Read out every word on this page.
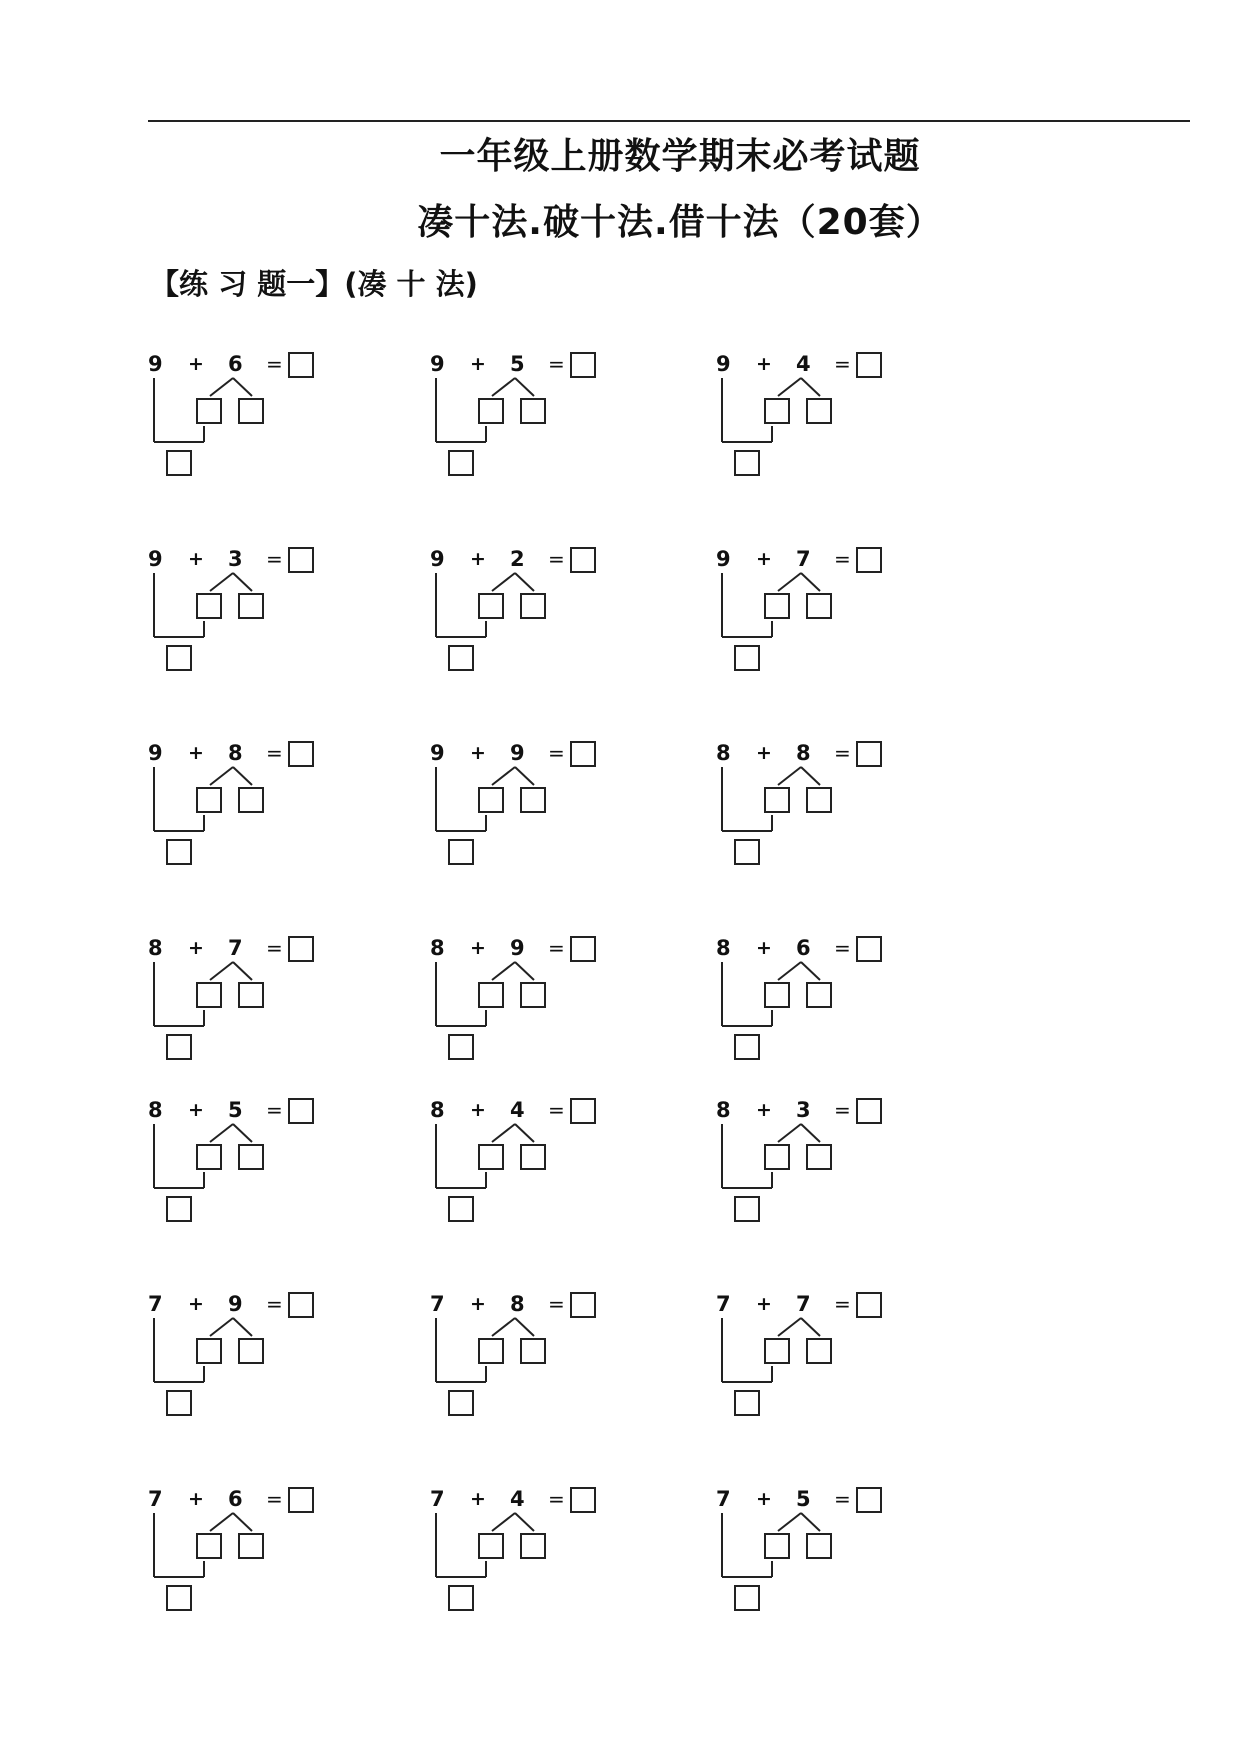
一年级上册数学期末必考试题
凑十法.破十法.借十法（20套）
【练 习 题一】(凑 十 法)
9 + 6 =	9 + 5 =	9 + 4 =
9 + 3 =	9 + 2 =	9 + 7 =
9 + 8 =	9 + 9 =	8 + 8 =
8 + 7 =	8 + 9 =	8 + 6 =
8 + 5 =	8 + 4 =	8 + 3 =
7 + 9 =	7 + 8 =	7 + 7 =
7 + 6 =	7 + 4 =	7 + 5 =
